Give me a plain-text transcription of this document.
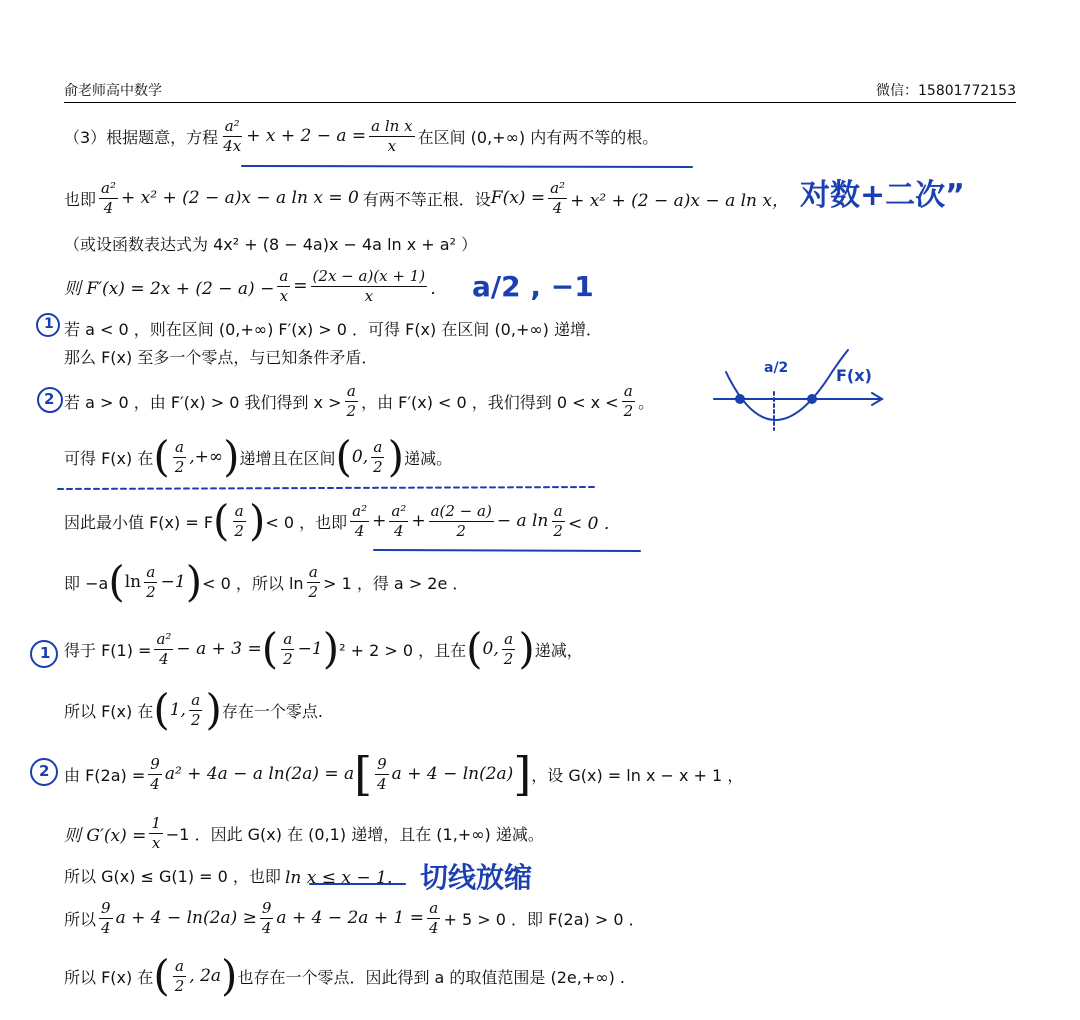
俞老师高中数学	微信：15801772153
（3）根据题意，方程
a²
$4x + x + 2 - a = \frac{\text{a ln x}}{x}$ 在区间 (0,+∞) 内有两不等的根。
也即
a²
4 + x² + (2 − a)x − a ln x = 0 有两不等正根．设 $F(x) = \frac{\text{a²}}{4} + x^2 + (2 - a)x - a$ ln x，
（或设函数表达式为 4x² + (8 − 4a)x − 4a ln x + a² ）
则 $F'(x) = 2x + (2 - a) - \frac{a}{x} = \frac{(2x - a)(x + 1)}{x}$ ．
若 a < 0 ，则在区间 (0,+∞) F′(x) > 0 ．可得 F(x) 在区间 (0,+∞) 递增．
那么 F(x) 至多一个零点，与已知条件矛盾．
若 a > 0 ，由 F′(x) > 0 我们得到 x >
a
2 ，由 F′(x) < 0 ，我们得到 0 < x <
a
2 。
可得 F(x) 在 ( a
2 ,+∞ ) 递增且在区间 ( 0,
a
2 ) 递减。
因此最小值 F(x) = F ( a
2 ) < 0 ，也即
a²
$4 + \frac{\text{a²}}{4} + \frac{a(2 - a)}{2} - a$ ln
a
2 < 0 ．
即 −a ( ln
a
2 −1 ) < 0 ，所以 ln
a
2 > 1 ，得 a > 2e ．
得于 $F(1) = \frac{\text{a²}}{4} - a + 3$ = ( a
2 −1 ) ² + 2 > 0 ，且在 ( 0,
a
2 ) 递减，
所以 F(x) 在 ( 1,
a
2 ) 存在一个零点.
由 $F(2a) = \frac{9}{4} a^2 + 4a - a$ ln(2a) = a [ 9
4 a + 4 − ln(2a) ] ，设 G(x) = ln x − x + 1 ，
则 $G'(x) = \frac{1}{x} -1$ ．因此 G(x) 在 (0,1) 递增，且在 (1,+∞) 递减。
所以 G(x) ≤ G(1) = 0 ，也即 ln x ≤ x − 1．
所以
9
4 $a + 4 - \ln(2a) \ge \frac{9}{4}$ $a + 4 - 2a + 1 = \frac{a}{4} + 5 > 0$ ．即 F(2a) > 0 ．
所以 F(x) 在 ( a
2 , 2a ) 也存在一个零点．因此得到 a 的取值范围是 (2e,+∞) .
1
2
1
2
对数+二次”
a/2 , −1
切线放缩
F(x)
a/2
